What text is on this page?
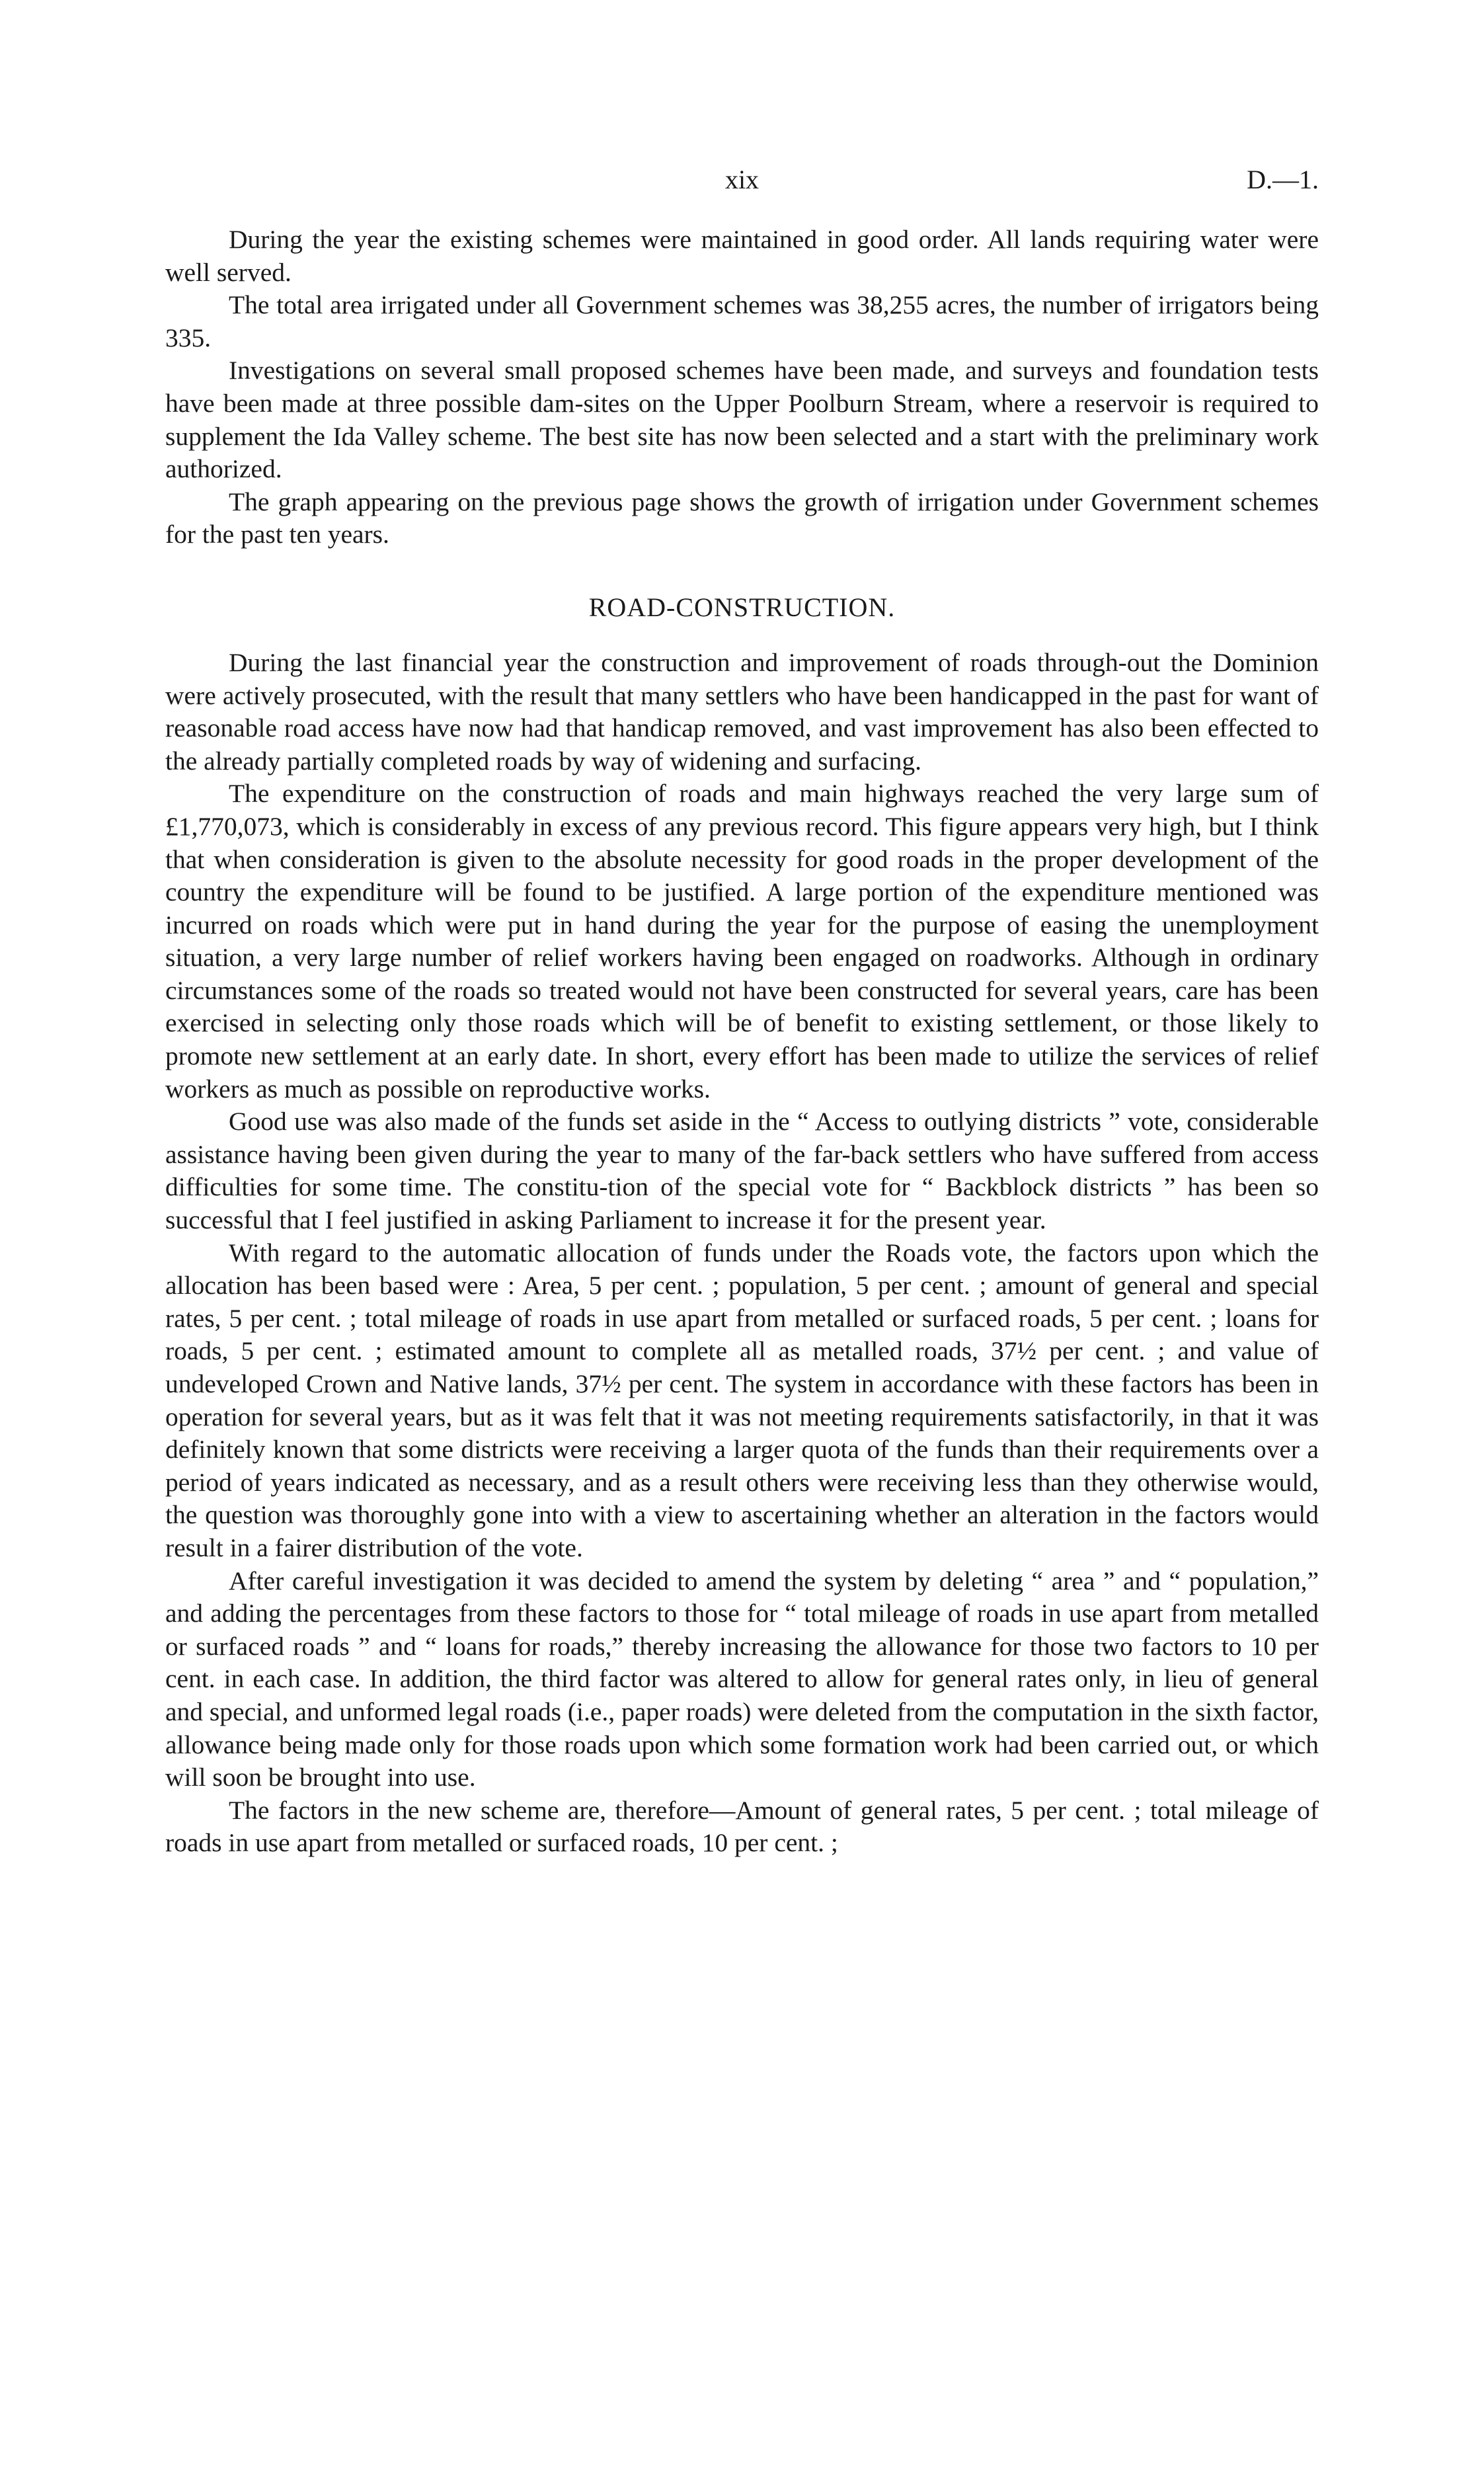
xix	D.—1.

During the year the existing schemes were maintained in good order. All lands requiring water were well served.

The total area irrigated under all Government schemes was 38,255 acres, the number of irrigators being 335.

Investigations on several small proposed schemes have been made, and surveys and foundation tests have been made at three possible dam-sites on the Upper Poolburn Stream, where a reservoir is required to supplement the Ida Valley scheme. The best site has now been selected and a start with the preliminary work authorized.

The graph appearing on the previous page shows the growth of irrigation under Government schemes for the past ten years.

ROAD-CONSTRUCTION.

During the last financial year the construction and improvement of roads through-out the Dominion were actively prosecuted, with the result that many settlers who have been handicapped in the past for want of reasonable road access have now had that handicap removed, and vast improvement has also been effected to the already partially completed roads by way of widening and surfacing.

The expenditure on the construction of roads and main highways reached the very large sum of £1,770,073, which is considerably in excess of any previous record. This figure appears very high, but I think that when consideration is given to the absolute necessity for good roads in the proper development of the country the expenditure will be found to be justified. A large portion of the expenditure mentioned was incurred on roads which were put in hand during the year for the purpose of easing the unemployment situation, a very large number of relief workers having been engaged on roadworks. Although in ordinary circumstances some of the roads so treated would not have been constructed for several years, care has been exercised in selecting only those roads which will be of benefit to existing settlement, or those likely to promote new settlement at an early date. In short, every effort has been made to utilize the services of relief workers as much as possible on reproductive works.

Good use was also made of the funds set aside in the “ Access to outlying districts ” vote, considerable assistance having been given during the year to many of the far-back settlers who have suffered from access difficulties for some time. The constitu-tion of the special vote for “ Backblock districts ” has been so successful that I feel justified in asking Parliament to increase it for the present year.

With regard to the automatic allocation of funds under the Roads vote, the factors upon which the allocation has been based were : Area, 5 per cent. ; population, 5 per cent. ; amount of general and special rates, 5 per cent. ; total mileage of roads in use apart from metalled or surfaced roads, 5 per cent. ; loans for roads, 5 per cent. ; estimated amount to complete all as metalled roads, 37½ per cent. ; and value of undeveloped Crown and Native lands, 37½ per cent. The system in accordance with these factors has been in operation for several years, but as it was felt that it was not meeting requirements satisfactorily, in that it was definitely known that some districts were receiving a larger quota of the funds than their requirements over a period of years indicated as necessary, and as a result others were receiving less than they otherwise would, the question was thoroughly gone into with a view to ascertaining whether an alteration in the factors would result in a fairer distribution of the vote.

After careful investigation it was decided to amend the system by deleting “ area ” and “ population,” and adding the percentages from these factors to those for “ total mileage of roads in use apart from metalled or surfaced roads ” and “ loans for roads,” thereby increasing the allowance for those two factors to 10 per cent. in each case. In addition, the third factor was altered to allow for general rates only, in lieu of general and special, and unformed legal roads (i.e., paper roads) were deleted from the computation in the sixth factor, allowance being made only for those roads upon which some formation work had been carried out, or which will soon be brought into use.

The factors in the new scheme are, therefore—Amount of general rates, 5 per cent. ; total mileage of roads in use apart from metalled or surfaced roads, 10 per cent. ;
